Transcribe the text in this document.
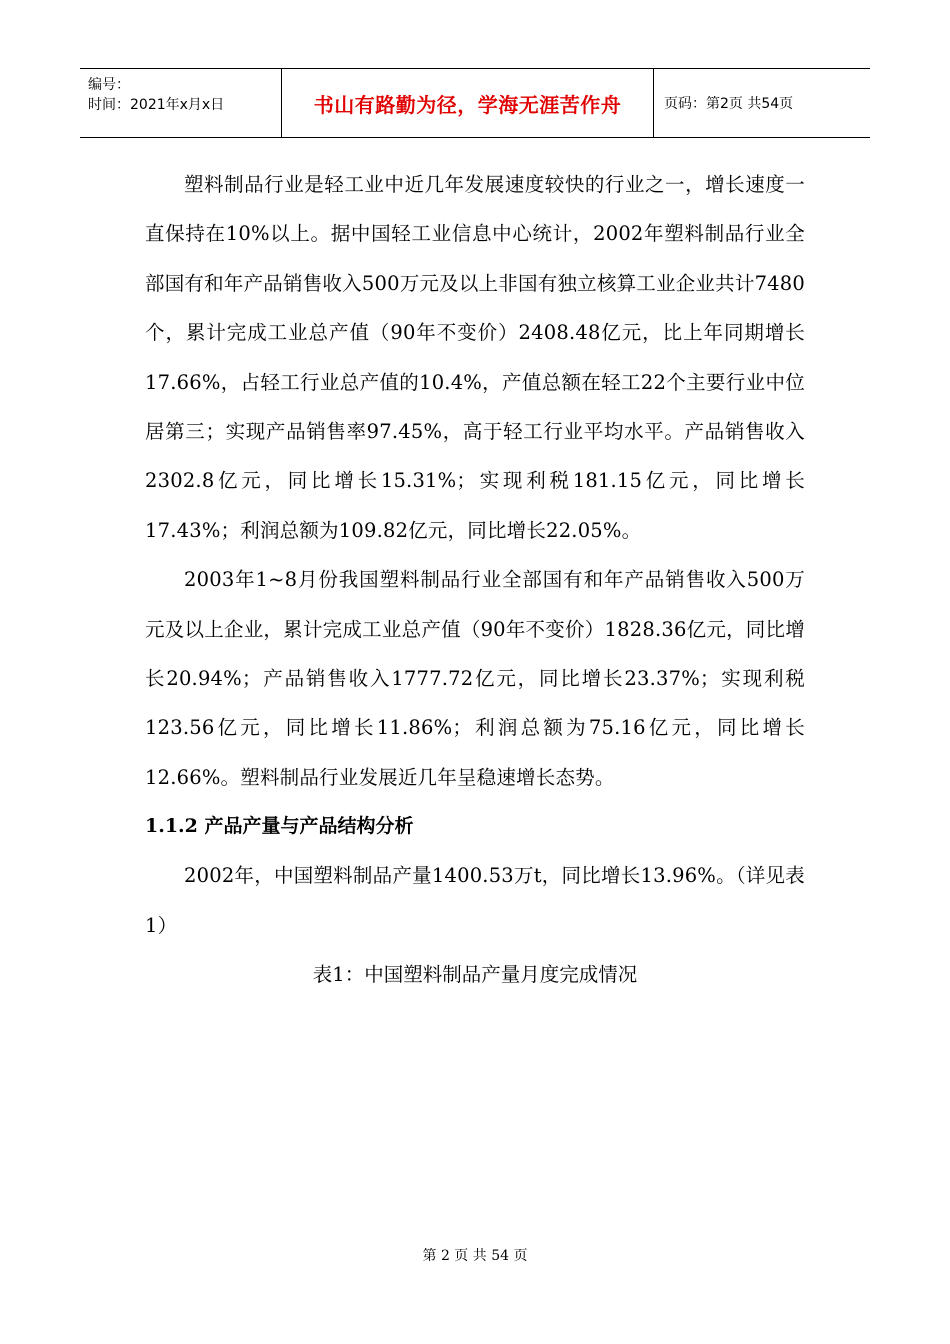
编号：
时间：2021年x月x日	书山有路勤为径，学海无涯苦作舟	页码：第2页 共54页

塑料制品行业是轻工业中近几年发展速度较快的行业之一，增长速度一直保持在10%以上。据中国轻工业信息中心统计，2002年塑料制品行业全部国有和年产品销售收入500万元及以上非国有独立核算工业企业共计7480个，累计完成工业总产值（90年不变价）2408.48亿元，比上年同期增长17.66%，占轻工行业总产值的10.4%，产值总额在轻工22个主要行业中位居第三；实现产品销售率97.45%，高于轻工行业平均水平。产品销售收入2302.8亿元，同比增长15.31%；实现利税181.15亿元，同比增长17.43%；利润总额为109.82亿元，同比增长22.05%。

2003年1~8月份我国塑料制品行业全部国有和年产品销售收入500万元及以上企业，累计完成工业总产值（90年不变价）1828.36亿元，同比增长20.94%；产品销售收入1777.72亿元，同比增长23.37%；实现利税123.56亿元，同比增长11.86%；利润总额为75.16亿元，同比增长12.66%。塑料制品行业发展近几年呈稳速增长态势。

1.1.2 产品产量与产品结构分析

2002年，中国塑料制品产量1400.53万t，同比增长13.96%。（详见表1）

表1：中国塑料制品产量月度完成情况

第 2 页 共 54 页
